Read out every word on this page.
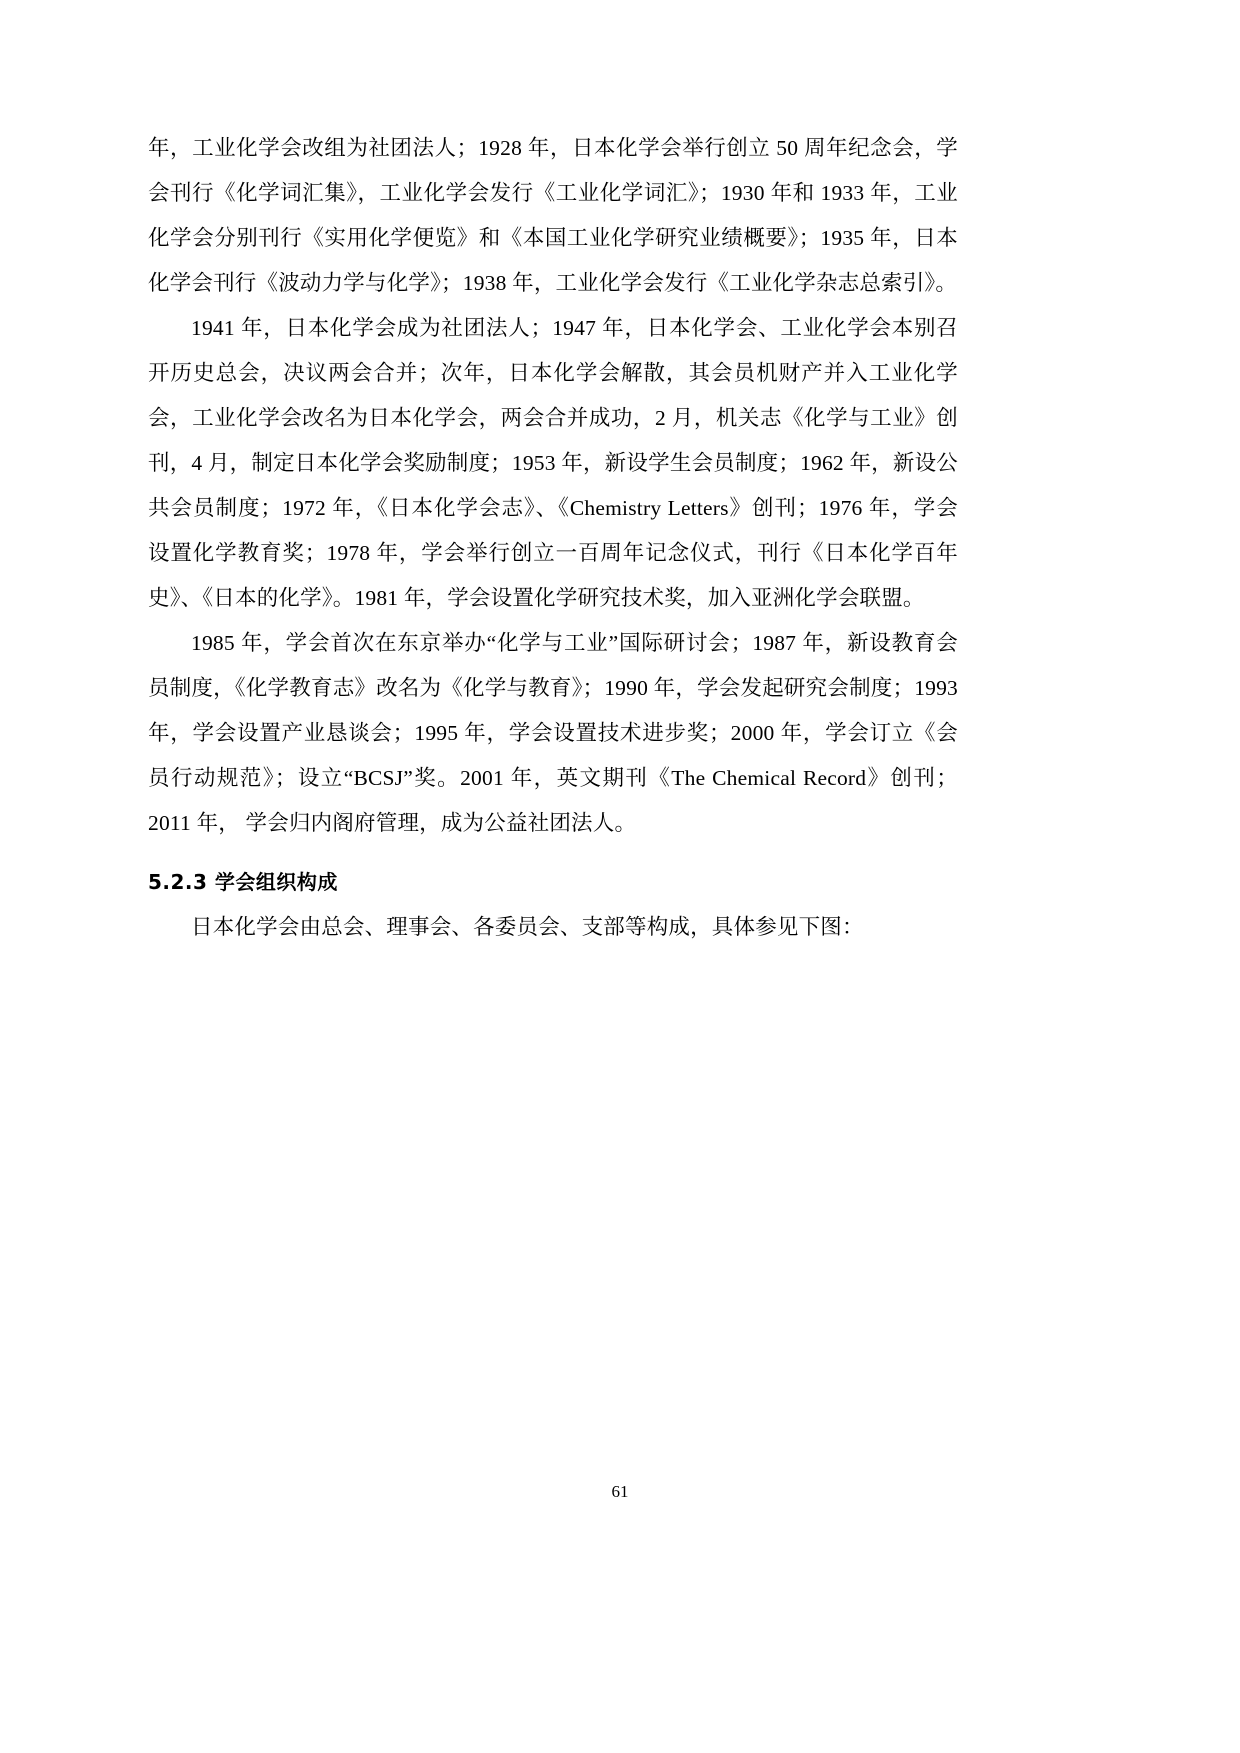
年，工业化学会改组为社团法人；1928 年，日本化学会举行创立 50 周年纪念会，学会刊行《化学词汇集》，工业化学会发行《工业化学词汇》；1930 年和 1933 年，工业化学会分别刊行《实用化学便览》和《本国工业化学研究业绩概要》；1935 年，日本化学会刊行《波动力学与化学》；1938 年，工业化学会发行《工业化学杂志总索引》。

1941 年，日本化学会成为社团法人；1947 年，日本化学会、工业化学会本别召开历史总会，决议两会合并；次年，日本化学会解散，其会员机财产并入工业化学会，工业化学会改名为日本化学会，两会合并成功，2 月，机关志《化学与工业》创刊，4 月，制定日本化学会奖励制度；1953 年，新设学生会员制度；1962 年，新设公共会员制度；1972 年，《日本化学会志》、《Chemistry Letters》创刊；1976 年，学会设置化学教育奖；1978 年，学会举行创立一百周年记念仪式，刊行《日本化学百年史》、《日本的化学》。1981 年，学会设置化学研究技术奖，加入亚洲化学会联盟。

1985 年，学会首次在东京举办“化学与工业”国际研讨会；1987 年，新设教育会员制度，《化学教育志》改名为《化学与教育》；1990 年，学会发起研究会制度；1993 年，学会设置产业恳谈会；1995 年，学会设置技术进步奖；2000 年，学会订立《会员行动规范》；设立“BCSJ”奖。2001 年，英文期刊《The Chemical Record》创刊；2011 年， 学会归内阁府管理，成为公益社团法人。

5.2.3 学会组织构成

日本化学会由总会、理事会、各委员会、支部等构成，具体参见下图：

61
